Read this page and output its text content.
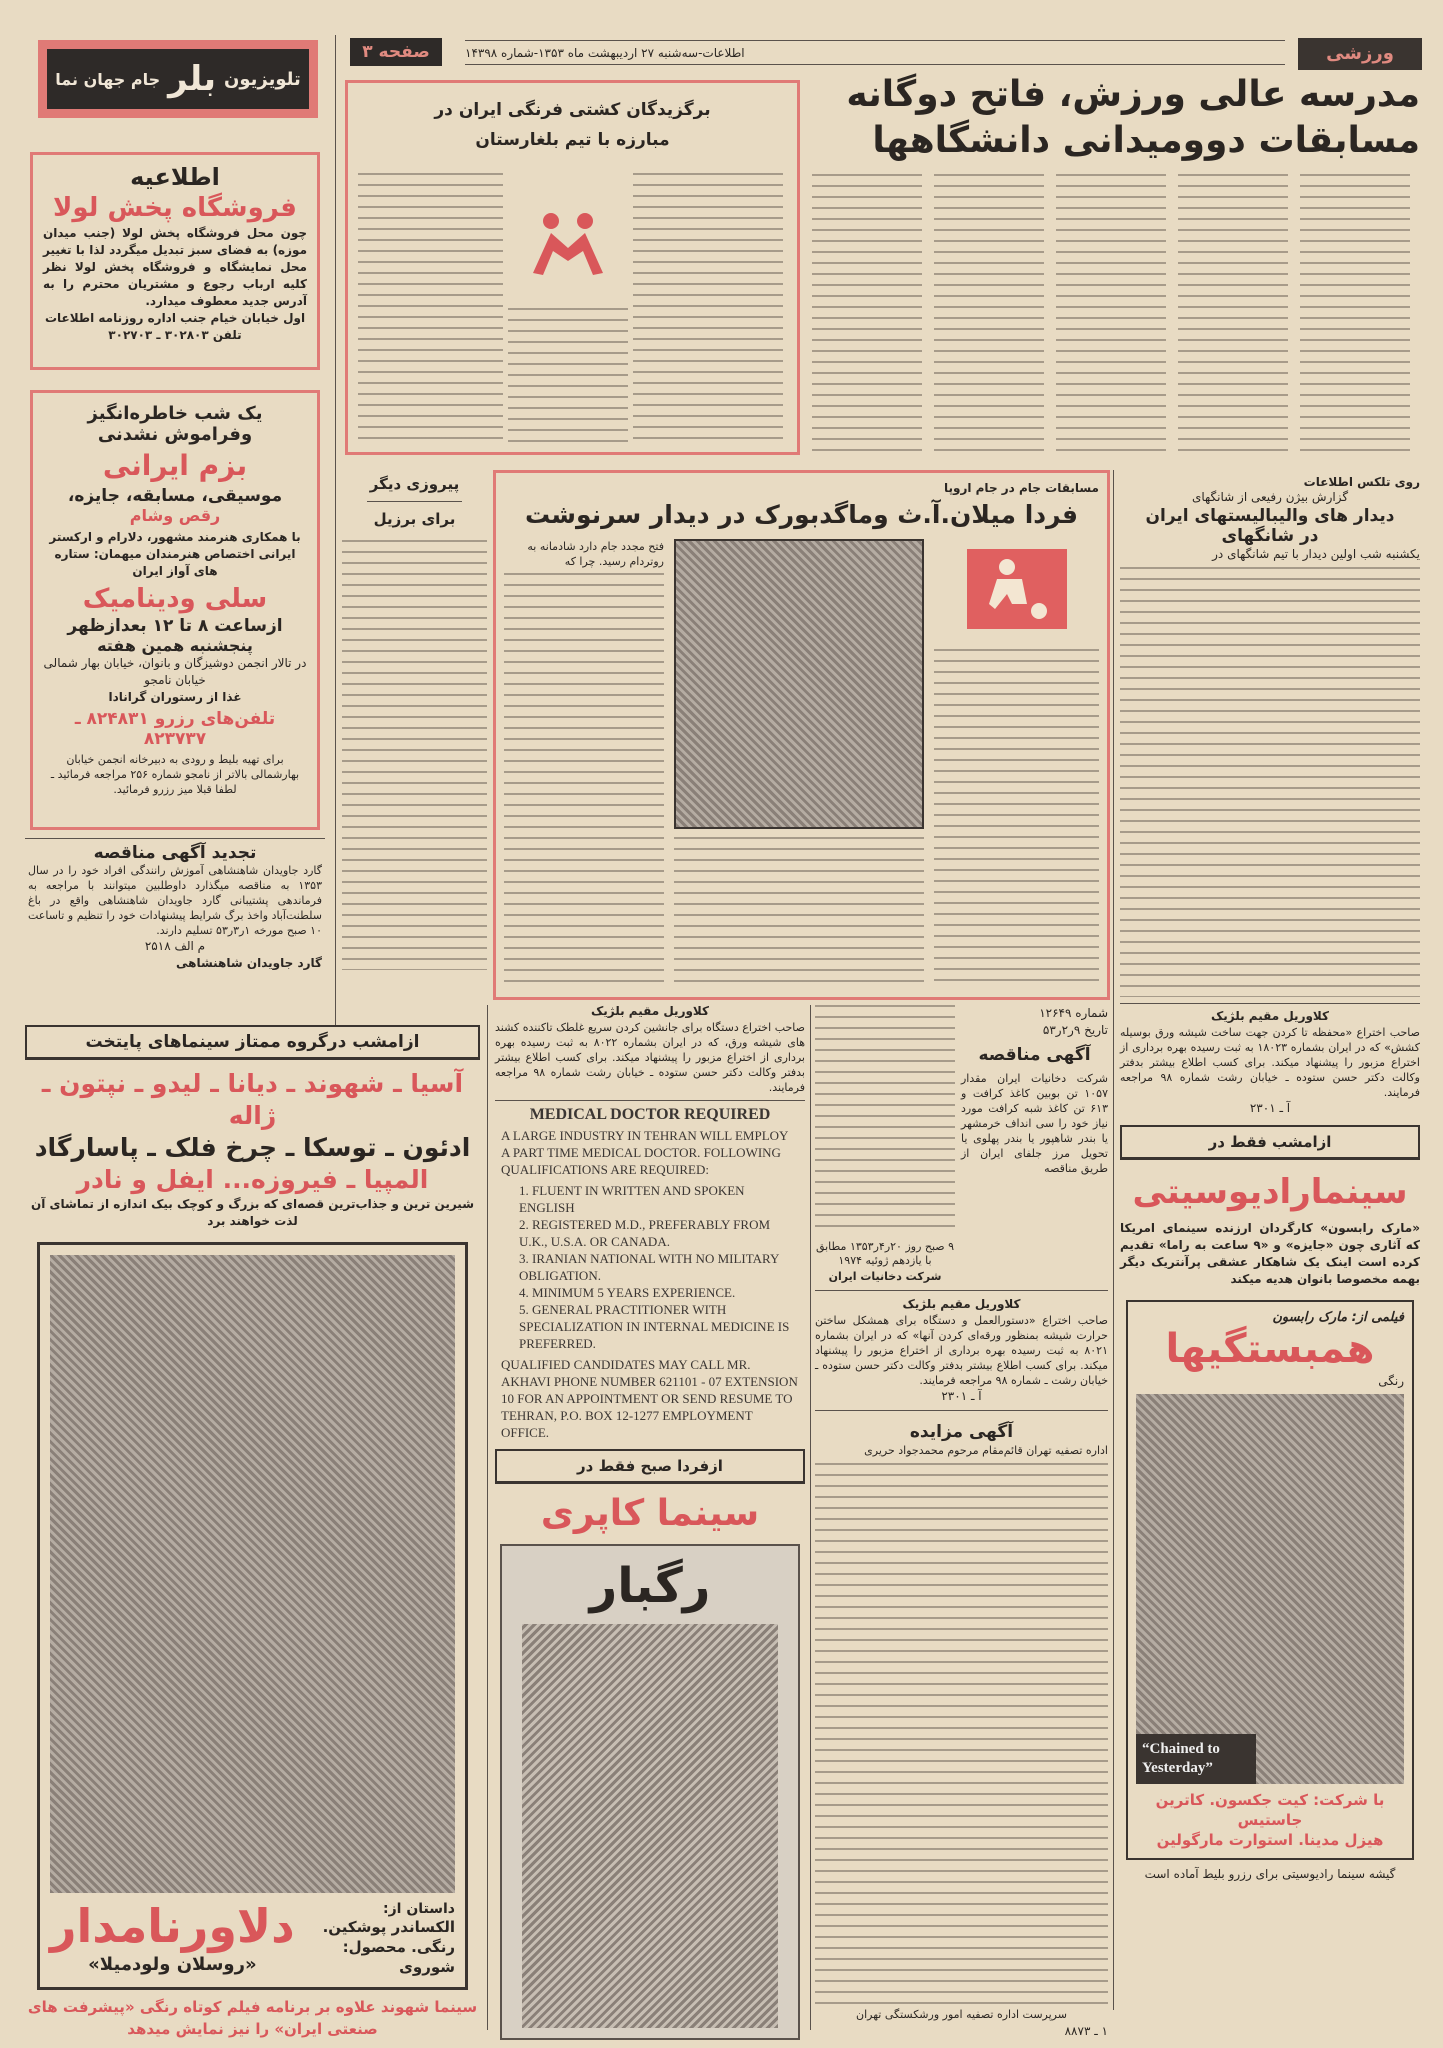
تلویزیون
بلر
جام جهان نما
صفحه ۳	اطلاعات-سه‌شنبه ۲۷ اردیبهشت ماه ۱۳۵۳-شماره ۱۴۳۹۸	ورزشی
مدرسه عالی ورزش، فاتح دوگانه
مسابقات دوومیدانی دانشگاهها
برگزیدگان کشتی فرنگی ایران در
مبارزه با تیم بلغارستان
اطلاعیه
فروشگاه پخش لولا
چون محل فروشگاه پخش لولا (جنب میدان موزه) به فضای سبز تبدیل میگردد لذا با تغییر محل نمایشگاه و فروشگاه پخش لولا نظر کلیه ارباب رجوع و مشتریان محترم را به آدرس جدید معطوف میدارد.
اول خیابان خیام جنب اداره روزنامه اطلاعات
تلفن ۳۰۲۸۰۳ ـ ۳۰۲۷۰۳
یک شب خاطره‌انگیز
وفراموش نشدنی
بزم ایرانی
موسیقی، مسابقه، جایزه،
رقص وشام
با همکاری هنرمند مشهور، دلارام و ارکستر ایرانی اختصاص هنرمندان میهمان: ستاره های آواز ایران
سلی ودینامیک
ازساعت ۸ تا ۱۲ بعدازظهر
پنجشنبه همین هفته
در تالار انجمن دوشیزگان و بانوان، خیابان بهار شمالی خیابان نامجو
غذا از رستوران گرانادا
تلفن‌های رزرو ۸۲۴۸۳۱ ـ ۸۲۳۷۳۷
برای تهیه بلیط و رودی به دبیرخانه انجمن خیابان بهارشمالی بالاتر از نامجو شماره ۲۵۶ مراجعه فرمائید ـ لطفا قبلا میز رزرو فرمائید.
تجدید آگهی مناقصه
گارد جاویدان شاهنشاهی آموزش رانندگی افراد خود را در سال ۱۳۵۳ به مناقصه میگذارد داوطلبین میتوانند با مراجعه به فرماندهی پشتیبانی گارد جاویدان شاهنشاهی واقع در باغ سلطنت‌آباد واخذ برگ شرایط پیشنهادات خود را تنظیم و تاساعت ۱۰ صبح مورخه ۱ر۳ر۵۳ تسلیم دارند.
م الف ۲۵۱۸
گارد جاویدان شاهنشاهی
پیروزی دیگر
برای برزیل
مسابقات جام در جام اروپا
فردا میلان.آ.ث وماگدبورک در دیدار سرنوشت
فتح مجدد جام دارد شادمانه به روتردام رسید. چرا که
روی تلکس اطلاعات
گزارش بیژن رفیعی از شانگهای
دیدار های والیبالیستهای ایران
در شانگهای
یکشنبه شب اولین دیدار با تیم شانگهای در
کلاوریل مقیم بلژیک
صاحب اختراع «محفظه تا کردن جهت ساخت شیشه ورق بوسیله کشش» که در ایران بشماره ۱۸۰۲۳ به ثبت رسیده بهره برداری از اختراع مزبور را پیشنهاد میکند. برای کسب اطلاع بیشتر بدفتر وکالت دکتر حسن ستوده ـ خیابان رشت شماره ۹۸ مراجعه فرمایند.
آ ـ ۲۳۰۱
ازامشب فقط در
سینمارادیوسیتی
«مارک رابسون» کارگردان ارزنده سینمای امریکا که آثاری چون «جایزه» و «۹ ساعت به راما» تقدیم کرده است اینک یک شاهکار عشقی پرآنتریک دیگر بهمه مخصوصا بانوان هدیه میکند
فیلمی از: مارک رابسون
همبستگیها
رنگی
“Chained to Yesterday”
با شرکت: کیت جکسون. کاترین جاستیس
هیزل مدینا. استوارت مارگولین
گیشه سینما رادیوسیتی برای رزرو بلیط آماده است
ازامشب درگروه ممتاز سینماهای پایتخت
آسیا ـ شهوند ـ دیانا ـ لیدو ـ نپتون ـ ژاله
ادئون ـ توسکا ـ چرخ فلک ـ پاسارگاد
المپیا ـ فیروزه... ایفل و نادر
شیرین ترین و جذاب‌ترین قصه‌ای که بزرگ و کوچک بیک اندازه از تماشای آن لذت خواهند برد
داستان از:
الکساندر پوشکین. رنگی. محصول: شوروی
دلاورنامدار
«روسلان ولودمیلا»
سینما شهوند علاوه بر برنامه فیلم کوتاه رنگی «پیشرفت های صنعتی ایران» را نیز نمایش میدهد
کلاوریل مقیم بلژیک
صاحب اختراع دستگاه برای جانشین کردن سریع غلطک تاکننده کشند های شیشه ورق، که در ایران بشماره ۸۰۲۲ به ثبت رسیده بهره برداری از اختراع مزبور را پیشنهاد میکند. برای کسب اطلاع بیشتر بدفتر وکالت دکتر حسن ستوده ـ خیابان رشت شماره ۹۸ مراجعه فرمایند.
MEDICAL DOCTOR REQUIRED
A LARGE INDUSTRY IN TEHRAN WILL EMPLOY A PART TIME MEDICAL DOCTOR. FOLLOWING QUALIFICATIONS ARE REQUIRED:
1. FLUENT IN WRITTEN AND SPOKEN ENGLISH
2. REGISTERED M.D., PREFERABLY FROM U.K., U.S.A. OR CANADA.
3. IRANIAN NATIONAL WITH NO MILITARY OBLIGATION.
4. MINIMUM 5 YEARS EXPERIENCE.
5. GENERAL PRACTITIONER WITH SPECIALIZATION IN INTERNAL MEDICINE IS PREFERRED.
QUALIFIED CANDIDATES MAY CALL MR. AKHAVI PHONE NUMBER 621101 - 07 EXTENSION 10 FOR AN APPOINTMENT OR SEND RESUME TO TEHRAN, P.O. BOX 12-1277 EMPLOYMENT OFFICE.
ازفردا صبح فقط در
سینما کاپری
رگبار
شماره ۱۲۶۴۹
تاریخ ۹ر۲ر۵۳
آگهی مناقصه
شرکت دخانیات ایران مقدار ۱۰۵۷ تن بوبین کاغذ کرافت و ۶۱۳ تن کاغذ شبه کرافت مورد نیاز خود را سی انداف خرمشهر یا بندر شاهپور یا بندر پهلوی یا تحویل مرز جلفای ایران از طریق مناقصه
۹ صبح روز ۲۰ر۴ر۱۳۵۳ مطابق با یازدهم ژوئیه ۱۹۷۴
شرکت دخانیات ایران
کلاوریل مقیم بلژیک
صاحب اختراع «دستورالعمل و دستگاه برای همشکل ساختن حرارت شیشه بمنظور ورقه‌ای کردن آنها» که در ایران بشماره ۸۰۲۱ به ثبت رسیده بهره برداری از اختراع مزبور را پیشنهاد میکند. برای کسب اطلاع بیشتر بدفتر وکالت دکتر حسن ستوده ـ خیابان رشت ـ شماره ۹۸ مراجعه فرمایند.
آ ـ ۲۳۰۱
آگهی مزایده
اداره تصفیه تهران قائم‌مقام مرحوم محمدجواد حریری
سرپرست اداره تصفیه امور ورشکستگی تهران
۱ ـ ۸۸۷۳
